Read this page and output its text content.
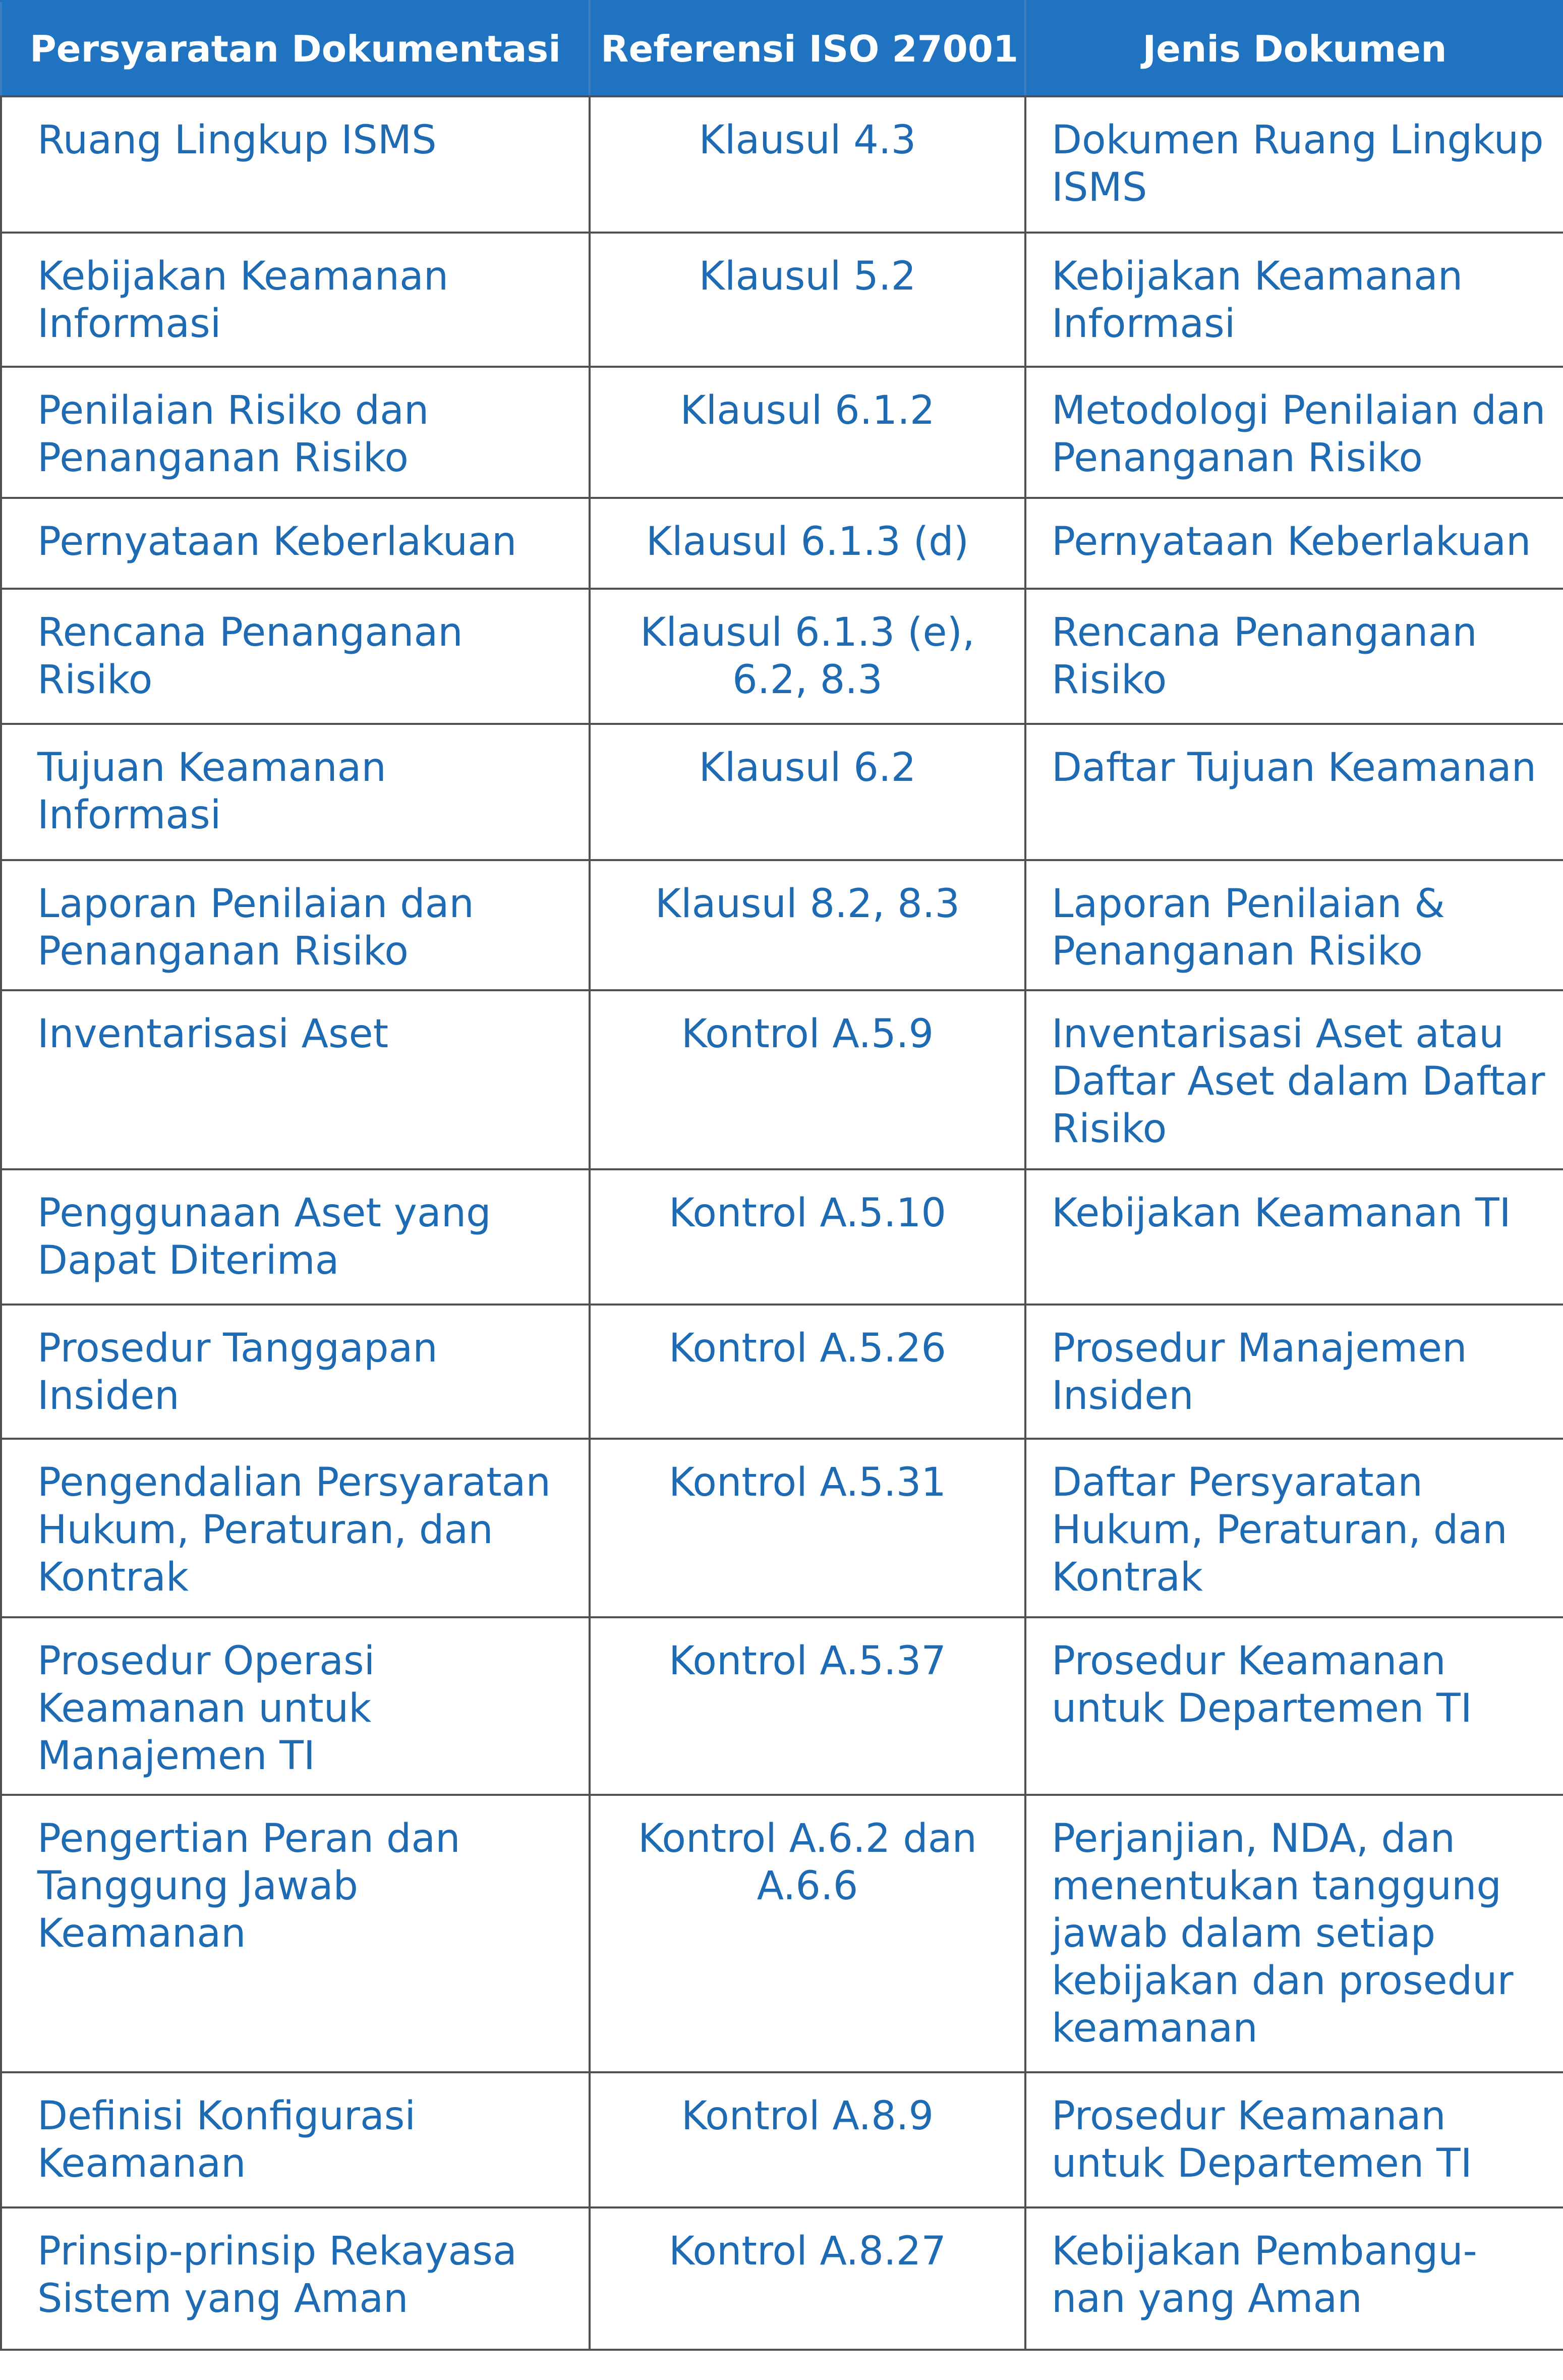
Persyaratan Dokumentasi	Referensi ISO 27001	Jenis Dokumen
Ruang Lingkup ISMS	Klausul 4.3	Dokumen Ruang Lingkup ISMS
Kebijakan Keamanan Informasi	Klausul 5.2	Kebijakan Keamanan Informasi
Penilaian Risiko dan Penanganan Risiko	Klausul 6.1.2	Metodologi Penilaian dan Penanganan Risiko
Pernyataan Keberlakuan	Klausul 6.1.3 (d)	Pernyataan Keberlakuan
Rencana Penanganan Risiko	Klausul 6.1.3 (e), 6.2, 8.3	Rencana Penanganan Risiko
Tujuan Keamanan Informasi	Klausul 6.2	Daftar Tujuan Keamanan
Laporan Penilaian dan Penanganan Risiko	Klausul 8.2, 8.3	Laporan Penilaian & Penanganan Risiko
Inventarisasi Aset	Kontrol A.5.9	Inventarisasi Aset atau Daftar Aset dalam Daftar Risiko
Penggunaan Aset yang Dapat Diterima	Kontrol A.5.10	Kebijakan Keamanan TI
Prosedur Tanggapan Insiden	Kontrol A.5.26	Prosedur Manajemen Insiden
Pengendalian Persyaratan Hukum, Peraturan, dan Kontrak	Kontrol A.5.31	Daftar Persyaratan Hukum, Peraturan, dan Kontrak
Prosedur Operasi Keamanan untuk Manajemen TI	Kontrol A.5.37	Prosedur Keamanan untuk Departemen TI
Pengertian Peran dan Tanggung Jawab Keamanan	Kontrol A.6.2 dan A.6.6	Perjanjian, NDA, dan menentukan tanggung jawab dalam setiap kebijakan dan prosedur keamanan
Definisi Konfigurasi Keamanan	Kontrol A.8.9	Prosedur Keamanan untuk Departemen TI
Prinsip-prinsip Rekayasa Sistem yang Aman	Kontrol A.8.27	Kebijakan Pembangu-nan yang Aman
